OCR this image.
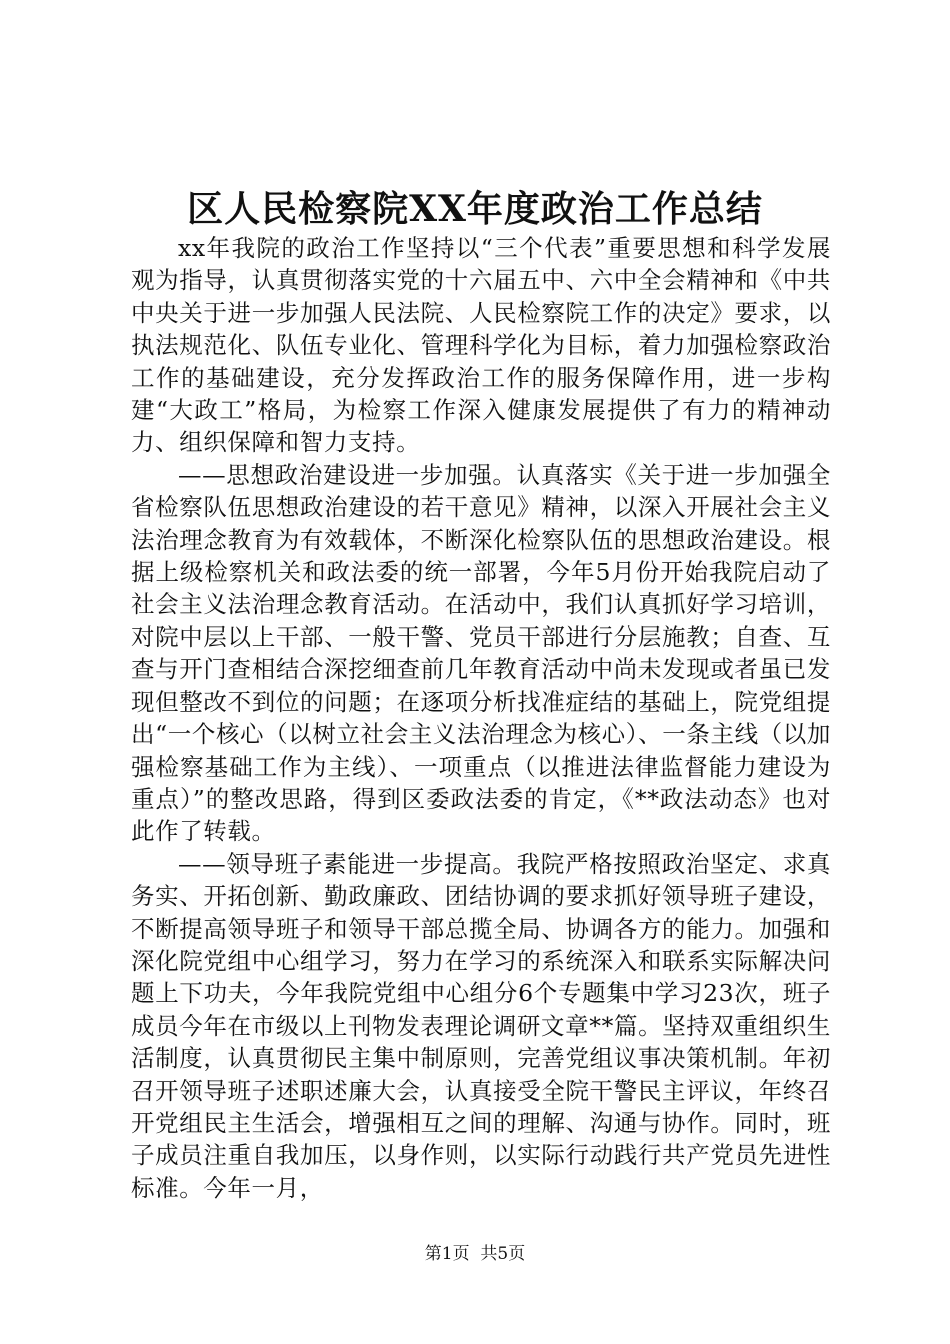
区人民检察院XX年度政治工作总结

xx年我院的政治工作坚持以“三个代表”重要思想和科学发展观为指导，认真贯彻落实党的十六届五中、六中全会精神和《中共中央关于进一步加强人民法院、人民检察院工作的决定》要求，以执法规范化、队伍专业化、管理科学化为目标，着力加强检察政治工作的基础建设，充分发挥政治工作的服务保障作用，进一步构建“大政工”格局，为检察工作深入健康发展提供了有力的精神动力、组织保障和智力支持。

——思想政治建设进一步加强。认真落实《关于进一步加强全省检察队伍思想政治建设的若干意见》精神，以深入开展社会主义法治理念教育为有效载体，不断深化检察队伍的思想政治建设。根据上级检察机关和政法委的统一部署，今年5月份开始我院启动了社会主义法治理念教育活动。在活动中，我们认真抓好学习培训，对院中层以上干部、一般干警、党员干部进行分层施教；自查、互查与开门查相结合深挖细查前几年教育活动中尚未发现或者虽已发现但整改不到位的问题；在逐项分析找准症结的基础上，院党组提出“一个核心（以树立社会主义法治理念为核心）、一条主线（以加强检察基础工作为主线）、一项重点（以推进法律监督能力建设为重点）”的整改思路，得到区委政法委的肯定，《**政法动态》也对此作了转载。

——领导班子素能进一步提高。我院严格按照政治坚定、求真务实、开拓创新、勤政廉政、团结协调的要求抓好领导班子建设，不断提高领导班子和领导干部总揽全局、协调各方的能力。加强和深化院党组中心组学习，努力在学习的系统深入和联系实际解决问题上下功夫，今年我院党组中心组分6个专题集中学习23次，班子成员今年在市级以上刊物发表理论调研文章**篇。坚持双重组织生活制度，认真贯彻民主集中制原则，完善党组议事决策机制。年初召开领导班子述职述廉大会，认真接受全院干警民主评议，年终召开党组民主生活会，增强相互之间的理解、沟通与协作。同时，班子成员注重自我加压，以身作则，以实际行动践行共产党员先进性标准。今年一月，

第1页 共5页
